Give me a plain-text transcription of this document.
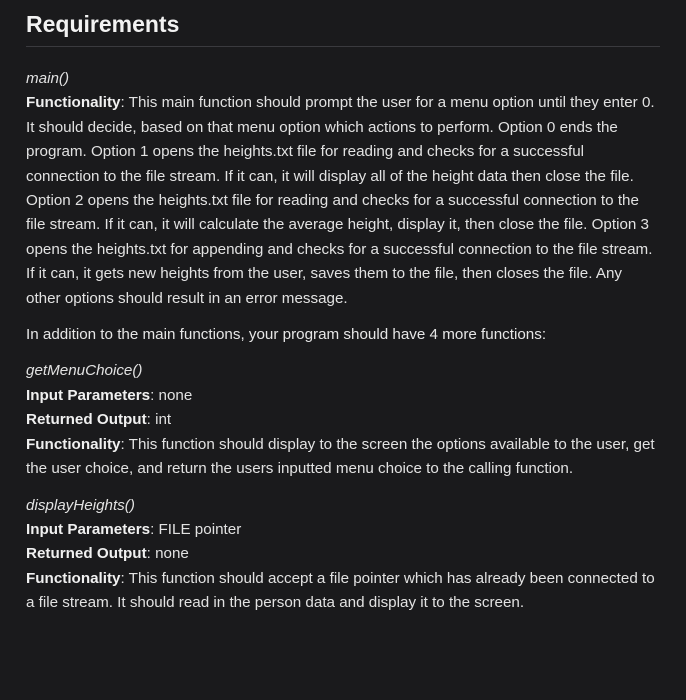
Requirements
main()
Functionality: This main function should prompt the user for a menu option until they enter 0. It should decide, based on that menu option which actions to perform. Option 0 ends the program. Option 1 opens the heights.txt file for reading and checks for a successful connection to the file stream. If it can, it will display all of the height data then close the file. Option 2 opens the heights.txt file for reading and checks for a successful connection to the file stream. If it can, it will calculate the average height, display it, then close the file. Option 3 opens the heights.txt for appending and checks for a successful connection to the file stream. If it can, it gets new heights from the user, saves them to the file, then closes the file. Any other options should result in an error message.

In addition to the main functions, your program should have 4 more functions:

getMenuChoice()
Input Parameters: none
Returned Output: int
Functionality: This function should display to the screen the options available to the user, get the user choice, and return the users inputted menu choice to the calling function.
displayHeights()
Input Parameters: FILE pointer
Returned Output: none
Functionality: This function should accept a file pointer which has already been connected to a file stream. It should read in the person data and display it to the screen.
